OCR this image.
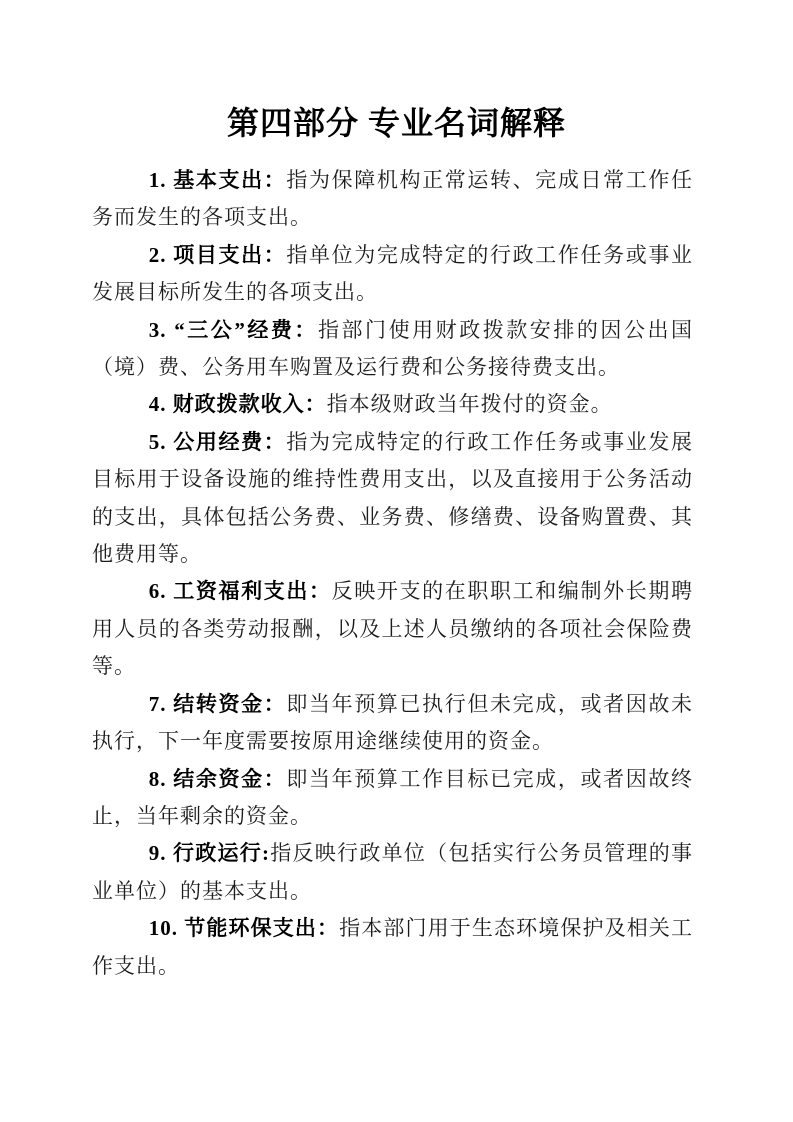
第四部分 专业名词解释

1. 基本支出：指为保障机构正常运转、完成日常工作任务而发生的各项支出。

2. 项目支出：指单位为完成特定的行政工作任务或事业发展目标所发生的各项支出。

3. “三公”经费：指部门使用财政拨款安排的因公出国（境）费、公务用车购置及运行费和公务接待费支出。

4. 财政拨款收入：指本级财政当年拨付的资金。

5. 公用经费：指为完成特定的行政工作任务或事业发展目标用于设备设施的维持性费用支出，以及直接用于公务活动的支出，具体包括公务费、业务费、修缮费、设备购置费、其他费用等。

6. 工资福利支出：反映开支的在职职工和编制外长期聘用人员的各类劳动报酬，以及上述人员缴纳的各项社会保险费等。

7. 结转资金：即当年预算已执行但未完成，或者因故未执行，下一年度需要按原用途继续使用的资金。

8. 结余资金：即当年预算工作目标已完成，或者因故终止，当年剩余的资金。

9. 行政运行:指反映行政单位（包括实行公务员管理的事业单位）的基本支出。

10. 节能环保支出：指本部门用于生态环境保护及相关工作支出。
